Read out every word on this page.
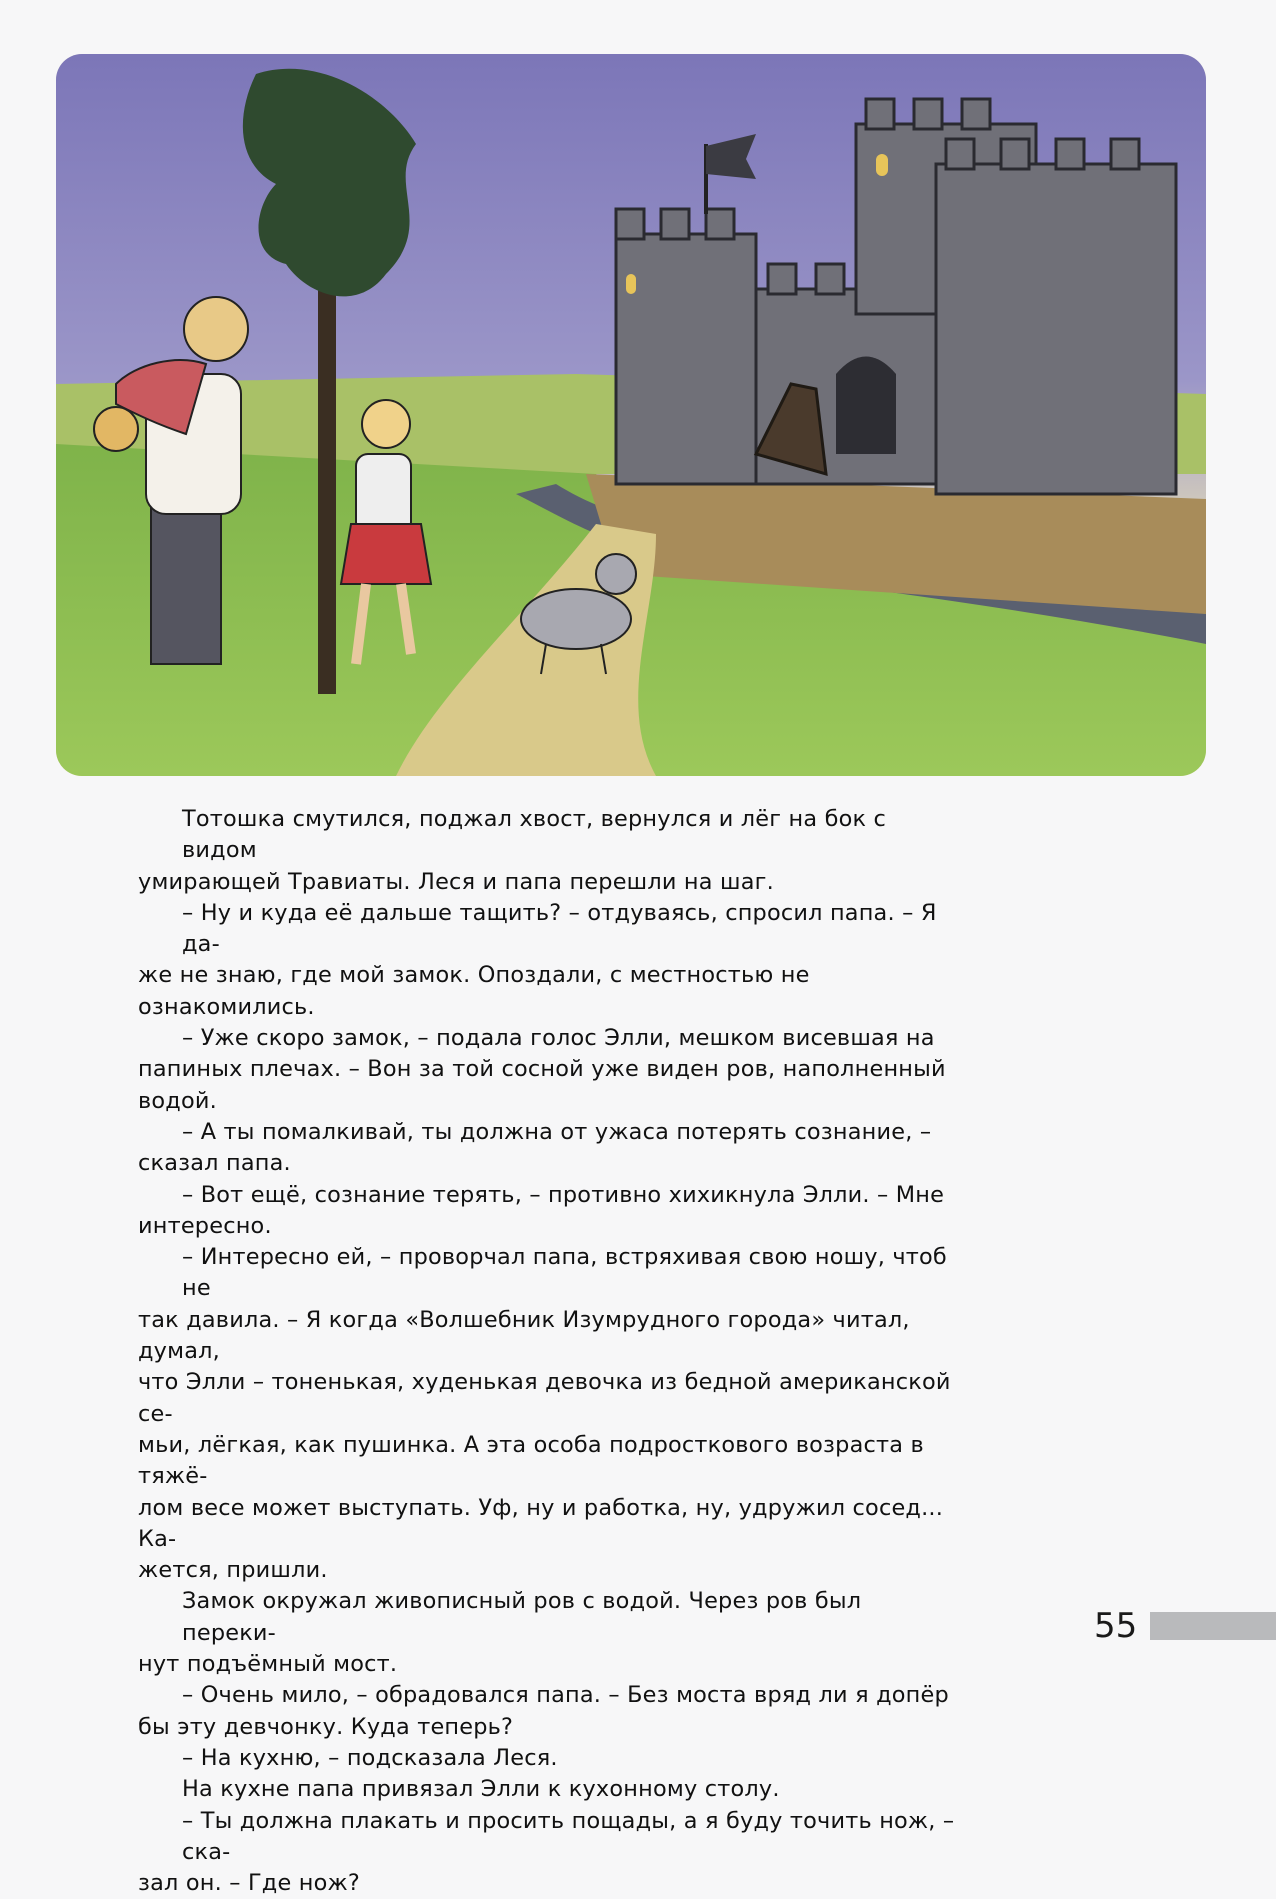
Тотошка смутился, поджал хвост, вернулся и лёг на бок с видом

умирающей Травиаты. Леся и папа перешли на шаг.

– Ну и куда её дальше тащить? – отдуваясь, спросил папа. – Я да-

же не знаю, где мой замок. Опоздали, с местностью не ознакомились.

– Уже скоро замок, – подала голос Элли, мешком висевшая на

папиных плечах. – Вон за той сосной уже виден ров, наполненный

водой.

– А ты помалкивай, ты должна от ужаса потерять сознание, –

сказал папа.

– Вот ещё, сознание терять, – противно хихикнула Элли. – Мне

интересно.

– Интересно ей, – проворчал папа, встряхивая свою ношу, чтоб не

так давила. – Я когда «Волшебник Изумрудного города» читал, думал,

что Элли – тоненькая, худенькая девочка из бедной американской се-

мьи, лёгкая, как пушинка. А эта особа подросткового возраста в тяжё-

лом весе может выступать. Уф, ну и работка, ну, удружил сосед... Ка-

жется, пришли.

Замок окружал живописный ров с водой. Через ров был переки-

нут подъёмный мост.

– Очень мило, – обрадовался папа. – Без моста вряд ли я допёр

бы эту девчонку. Куда теперь?

– На кухню, – подсказала Леся.

На кухне папа привязал Элли к кухонному столу.

– Ты должна плакать и просить пощады, а я буду точить нож, – ска-

зал он. – Где нож?

55
